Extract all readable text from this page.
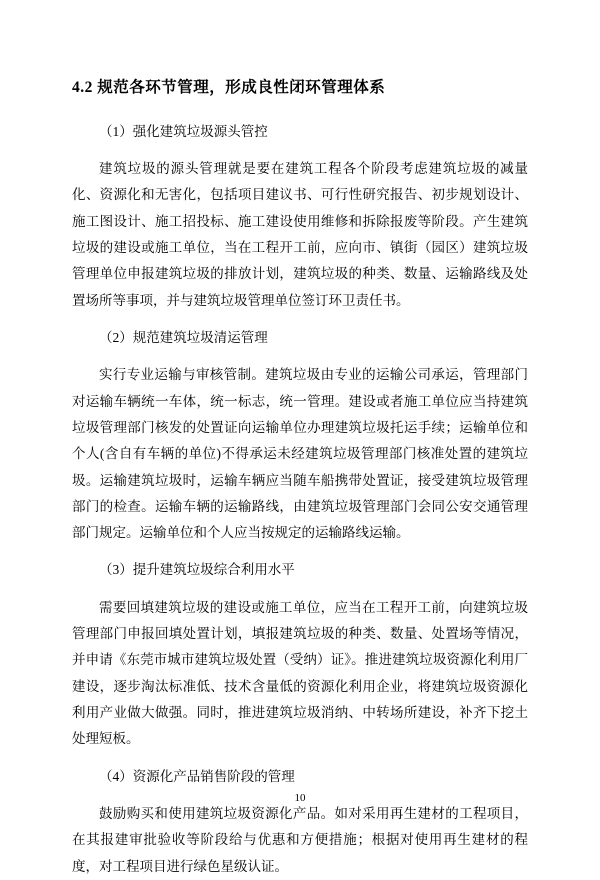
4.2 规范各环节管理，形成良性闭环管理体系

（1）强化建筑垃圾源头管控

建筑垃圾的源头管理就是要在建筑工程各个阶段考虑建筑垃圾的减量化、资源化和无害化，包括项目建议书、可行性研究报告、初步规划设计、施工图设计、施工招投标、施工建设使用维修和拆除报废等阶段。产生建筑垃圾的建设或施工单位，当在工程开工前，应向市、镇街（园区）建筑垃圾管理单位申报建筑垃圾的排放计划，建筑垃圾的种类、数量、运输路线及处置场所等事项，并与建筑垃圾管理单位签订环卫责任书。

（2）规范建筑垃圾清运管理

实行专业运输与审核管制。建筑垃圾由专业的运输公司承运，管理部门对运输车辆统一车体，统一标志，统一管理。建设或者施工单位应当持建筑垃圾管理部门核发的处置证向运输单位办理建筑垃圾托运手续；运输单位和个人(含自有车辆的单位)不得承运未经建筑垃圾管理部门核准处置的建筑垃圾。运输建筑垃圾时，运输车辆应当随车船携带处置证，接受建筑垃圾管理部门的检查。运输车辆的运输路线，由建筑垃圾管理部门会同公安交通管理部门规定。运输单位和个人应当按规定的运输路线运输。

（3）提升建筑垃圾综合利用水平

需要回填建筑垃圾的建设或施工单位，应当在工程开工前，向建筑垃圾管理部门申报回填处置计划，填报建筑垃圾的种类、数量、处置场等情况，并申请《东莞市城市建筑垃圾处置（受纳）证》。推进建筑垃圾资源化利用厂建设，逐步淘汰标准低、技术含量低的资源化利用企业，将建筑垃圾资源化利用产业做大做强。同时，推进建筑垃圾消纳、中转场所建设，补齐下挖土处理短板。

（4）资源化产品销售阶段的管理

鼓励购买和使用建筑垃圾资源化产品。如对采用再生建材的工程项目，在其报建审批验收等阶段给与优惠和方便措施；根据对使用再生建材的程度，对工程项目进行绿色星级认证。

10
